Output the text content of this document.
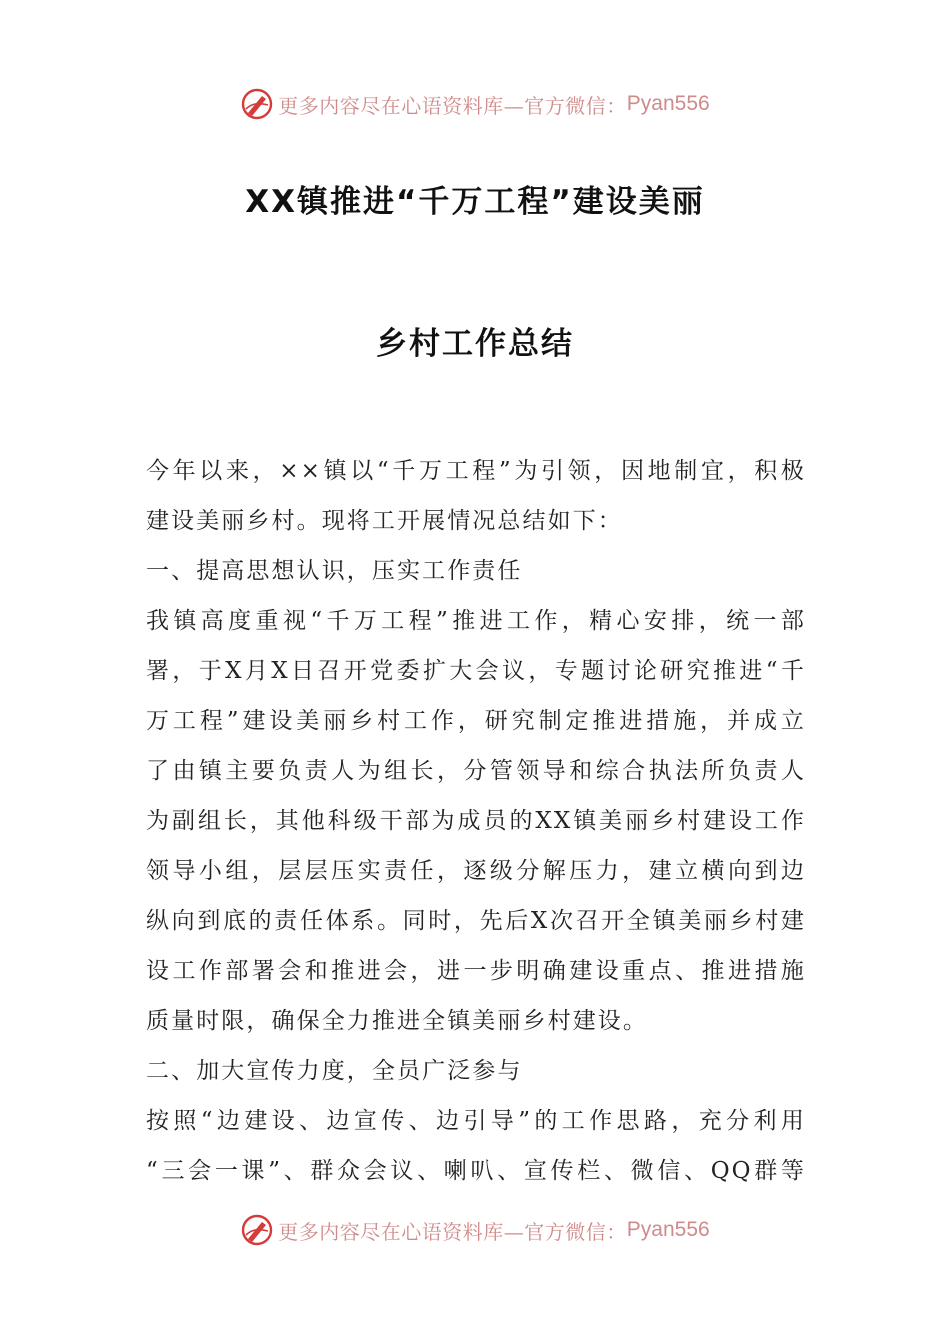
更多内容尽在心语资料库—官方微信： Pyan556
XX镇推进“千万工程”建设美丽
乡村工作总结
今年以来，××镇以“千万工程”为引领，因地制宜，积极
建设美丽乡村。现将工开展情况总结如下：
一、提高思想认识，压实工作责任
我镇高度重视“千万工程”推进工作，精心安排，统一部
署，于X月X日召开党委扩大会议，专题讨论研究推进“千
万工程”建设美丽乡村工作，研究制定推进措施，并成立
了由镇主要负责人为组长，分管领导和综合执法所负责人
为副组长，其他科级干部为成员的XX镇美丽乡村建设工作
领导小组，层层压实责任，逐级分解压力，建立横向到边
纵向到底的责任体系。同时，先后X次召开全镇美丽乡村建
设工作部署会和推进会，进一步明确建设重点、推进措施
质量时限，确保全力推进全镇美丽乡村建设。
二、加大宣传力度，全员广泛参与
按照“边建设、边宣传、边引导”的工作思路，充分利用
“三会一课”、群众会议、喇叭、宣传栏、微信、QQ群等
更多内容尽在心语资料库—官方微信： Pyan556
